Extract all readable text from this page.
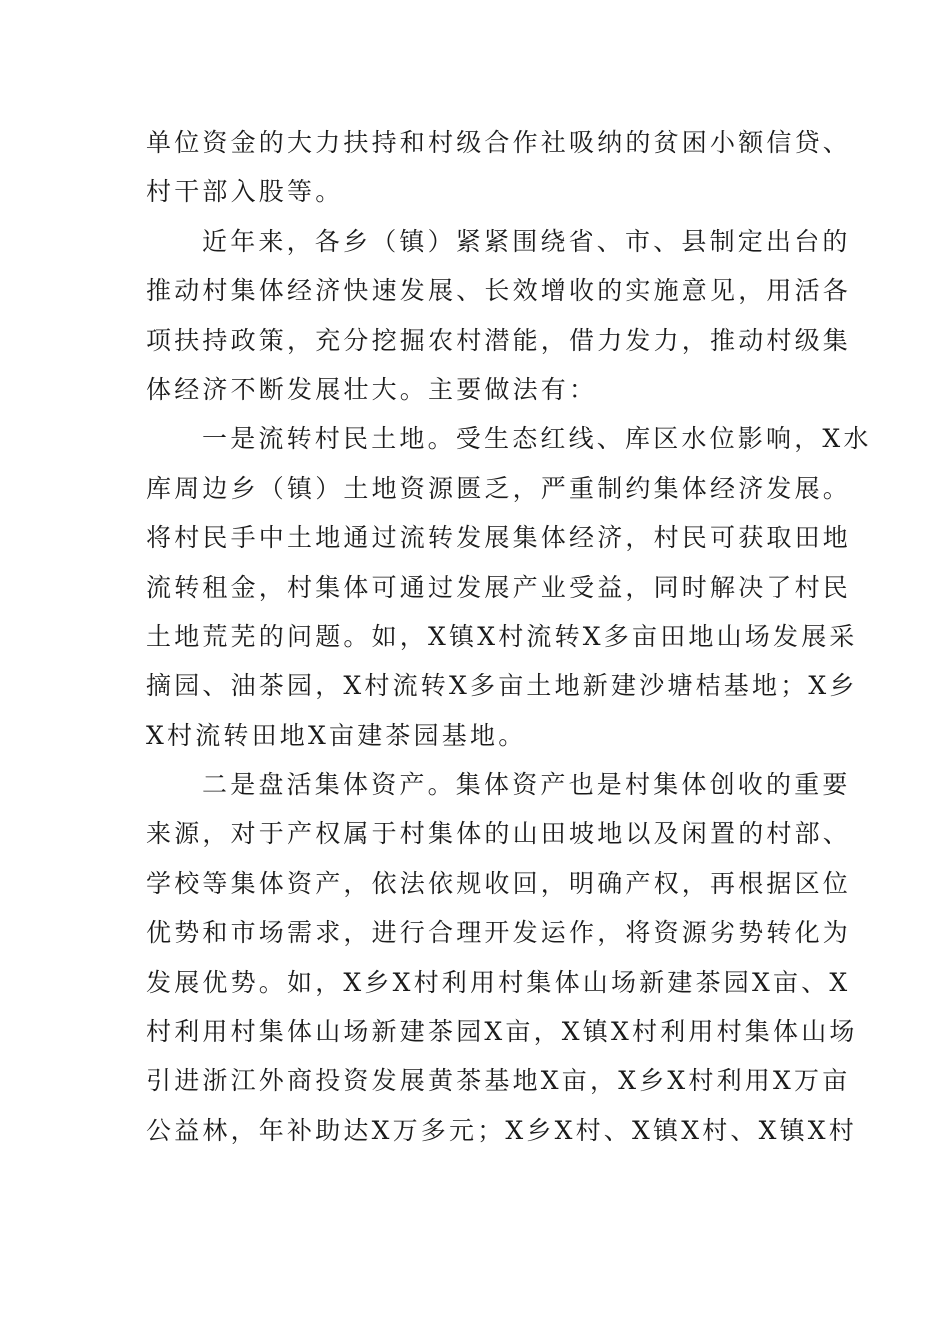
单位资金的大力扶持和村级合作社吸纳的贫困小额信贷、
村干部入股等。
近年来，各乡（镇）紧紧围绕省、市、县制定出台的
推动村集体经济快速发展、长效增收的实施意见，用活各
项扶持政策，充分挖掘农村潜能，借力发力，推动村级集
体经济不断发展壮大。主要做法有：
一是流转村民土地。受生态红线、库区水位影响，X水
库周边乡（镇）土地资源匮乏，严重制约集体经济发展。
将村民手中土地通过流转发展集体经济，村民可获取田地
流转租金，村集体可通过发展产业受益，同时解决了村民
土地荒芜的问题。如，X镇X村流转X多亩田地山场发展采
摘园、油茶园，X村流转X多亩土地新建沙塘桔基地；X乡
X村流转田地X亩建茶园基地。
二是盘活集体资产。集体资产也是村集体创收的重要
来源，对于产权属于村集体的山田坡地以及闲置的村部、
学校等集体资产，依法依规收回，明确产权，再根据区位
优势和市场需求，进行合理开发运作，将资源劣势转化为
发展优势。如，X乡X村利用村集体山场新建茶园X亩、X
村利用村集体山场新建茶园X亩，X镇X村利用村集体山场
引进浙江外商投资发展黄茶基地X亩，X乡X村利用X万亩
公益林，年补助达X万多元；X乡X村、X镇X村、X镇X村
